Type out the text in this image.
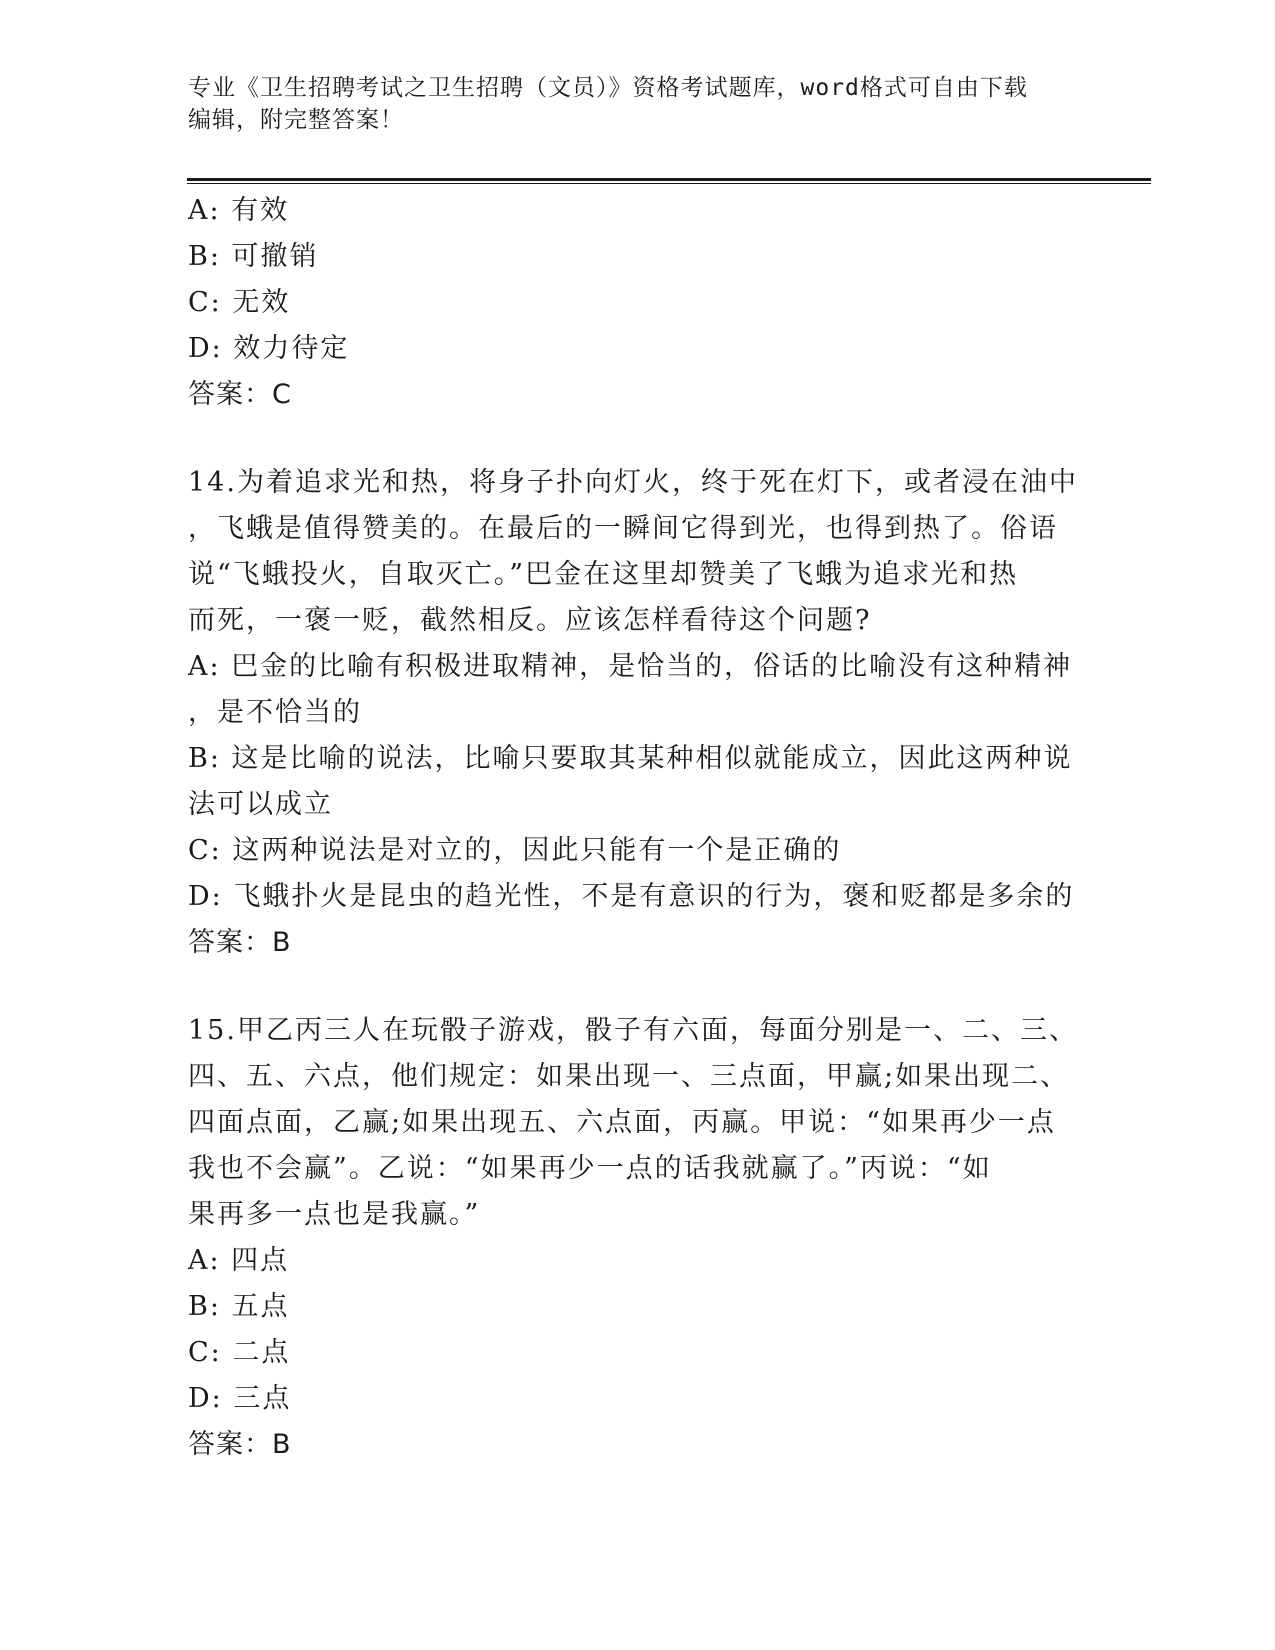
专业《卫生招聘考试之卫生招聘（文员）》资格考试题库，word格式可自由下载
编辑，附完整答案！
A: 有效
B: 可撤销
C: 无效
D: 效力待定
答案：C
14.为着追求光和热，将身子扑向灯火，终于死在灯下，或者浸在油中
，飞蛾是值得赞美的。在最后的一瞬间它得到光，也得到热了。俗语
说“飞蛾投火，自取灭亡。”巴金在这里却赞美了飞蛾为追求光和热
而死，一褒一贬，截然相反。应该怎样看待这个问题?
A: 巴金的比喻有积极进取精神，是恰当的，俗话的比喻没有这种精神
，是不恰当的
B: 这是比喻的说法，比喻只要取其某种相似就能成立，因此这两种说
法可以成立
C: 这两种说法是对立的，因此只能有一个是正确的
D: 飞蛾扑火是昆虫的趋光性，不是有意识的行为，褒和贬都是多余的
答案：B
15.甲乙丙三人在玩骰子游戏，骰子有六面，每面分别是一、二、三、
四、五、六点，他们规定：如果出现一、三点面，甲赢;如果出现二、
四面点面，乙赢;如果出现五、六点面，丙赢。甲说：“如果再少一点
我也不会赢”。乙说：“如果再少一点的话我就赢了。”丙说：“如
果再多一点也是我赢。”
A: 四点
B: 五点
C: 二点
D: 三点
答案：B
